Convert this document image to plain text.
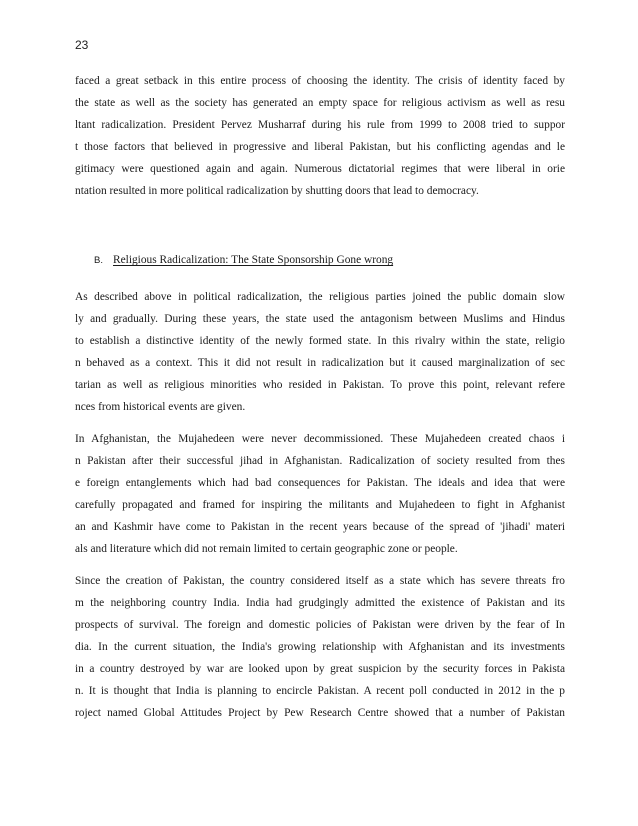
23
faced a great setback in this entire process of choosing the identity. The crisis of identity faced by
the state as well as the society has generated an empty space for religious activism as well as resu
ltant radicalization. President Pervez Musharraf during his rule from 1999 to 2008 tried to suppor
t those factors that believed in progressive and liberal Pakistan, but his conflicting agendas and le
gitimacy were questioned again and again. Numerous dictatorial regimes that were liberal in orie
ntation resulted in more political radicalization by shutting doors that lead to democracy.
B. Religious Radicalization: The State Sponsorship Gone wrong
As described above in political radicalization, the religious parties joined the public domain slow
ly and gradually. During these years, the state used the antagonism between Muslims and Hindus
to establish a distinctive identity of the newly formed state. In this rivalry within the state, religio
n behaved as a context. This it did not result in radicalization but it caused marginalization of sec
tarian as well as religious minorities who resided in Pakistan. To prove this point, relevant refere
nces from historical events are given.
In Afghanistan, the Mujahedeen were never decommissioned. These Mujahedeen created chaos i
n Pakistan after their successful jihad in Afghanistan. Radicalization of society resulted from thes
e foreign entanglements which had bad consequences for Pakistan. The ideals and idea that were
carefully propagated and framed for inspiring the militants and Mujahedeen to fight in Afghanist
an and Kashmir have come to Pakistan in the recent years because of the spread of 'jihadi' materi
als and literature which did not remain limited to certain geographic zone or people.
Since the creation of Pakistan, the country considered itself as a state which has severe threats fro
m the neighboring country India. India had grudgingly admitted the existence of Pakistan and its
prospects of survival. The foreign and domestic policies of Pakistan were driven by the fear of In
dia. In the current situation, the India's growing relationship with Afghanistan and its investments
in a country destroyed by war are looked upon by great suspicion by the security forces in Pakista
n. It is thought that India is planning to encircle Pakistan. A recent poll conducted in 2012 in the p
roject named Global Attitudes Project by Pew Research Centre showed that a number of Pakistan
